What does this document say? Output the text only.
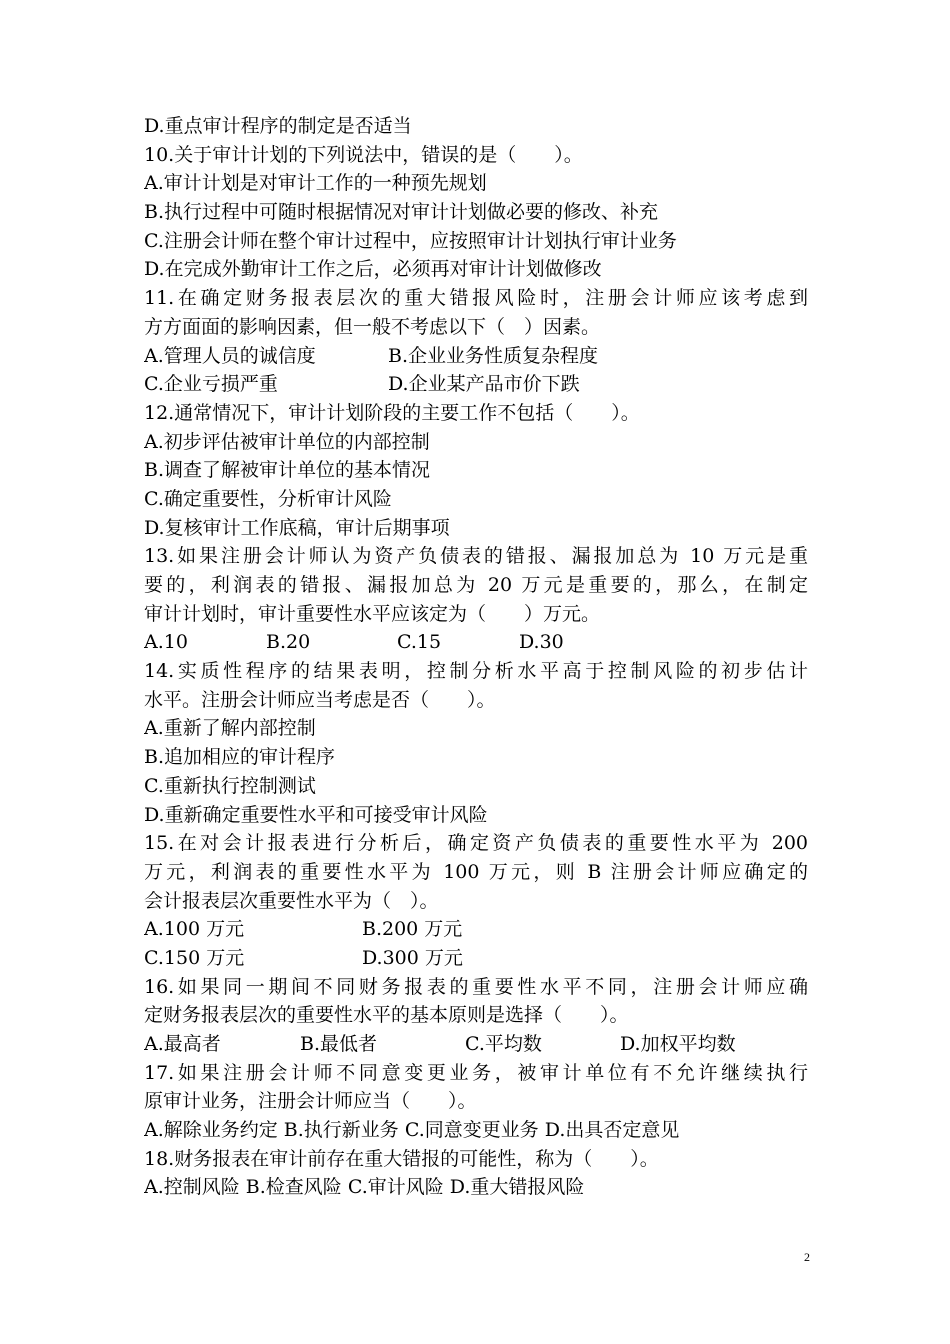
D.重点审计程序的制定是否适当
10.关于审计计划的下列说法中，错误的是（　　）。
A.审计计划是对审计工作的一种预先规划
B.执行过程中可随时根据情况对审计计划做必要的修改、补充
C.注册会计师在整个审计过程中，应按照审计计划执行审计业务
D.在完成外勤审计工作之后，必须再对审计计划做修改
11.在确定财务报表层次的重大错报风险时，注册会计师应该考虑到
方方面面的影响因素，但一般不考虑以下（　）因素。
A.管理人员的诚信度	B.企业业务性质复杂程度
C.企业亏损严重	D.企业某产品市价下跌
12.通常情况下，审计计划阶段的主要工作不包括（　　）。
A.初步评估被审计单位的内部控制
B.调查了解被审计单位的基本情况
C.确定重要性，分析审计风险
D.复核审计工作底稿，审计后期事项
13.如果注册会计师认为资产负债表的错报、漏报加总为 10 万元是重
要的，利润表的错报、漏报加总为 20 万元是重要的，那么，在制定
审计计划时，审计重要性水平应该定为（　　）万元。
A.10	B.20	C.15	D.30
14.实质性程序的结果表明，控制分析水平高于控制风险的初步估计
水平。注册会计师应当考虑是否（　　）。
A.重新了解内部控制
B.追加相应的审计程序
C.重新执行控制测试
D.重新确定重要性水平和可接受审计风险
15.在对会计报表进行分析后，确定资产负债表的重要性水平为 200
万元，利润表的重要性水平为 100 万元，则 B 注册会计师应确定的
会计报表层次重要性水平为（　）。
A.100 万元	B.200 万元
C.150 万元	D.300 万元
16.如果同一期间不同财务报表的重要性水平不同，注册会计师应确
定财务报表层次的重要性水平的基本原则是选择（　　）。
A.最高者	B.最低者	C.平均数	D.加权平均数
17.如果注册会计师不同意变更业务，被审计单位有不允许继续执行
原审计业务，注册会计师应当（　　）。
A.解除业务约定 B.执行新业务 C.同意变更业务 D.出具否定意见
18.财务报表在审计前存在重大错报的可能性，称为（　　）。
A.控制风险 B.检查风险 C.审计风险 D.重大错报风险
2
